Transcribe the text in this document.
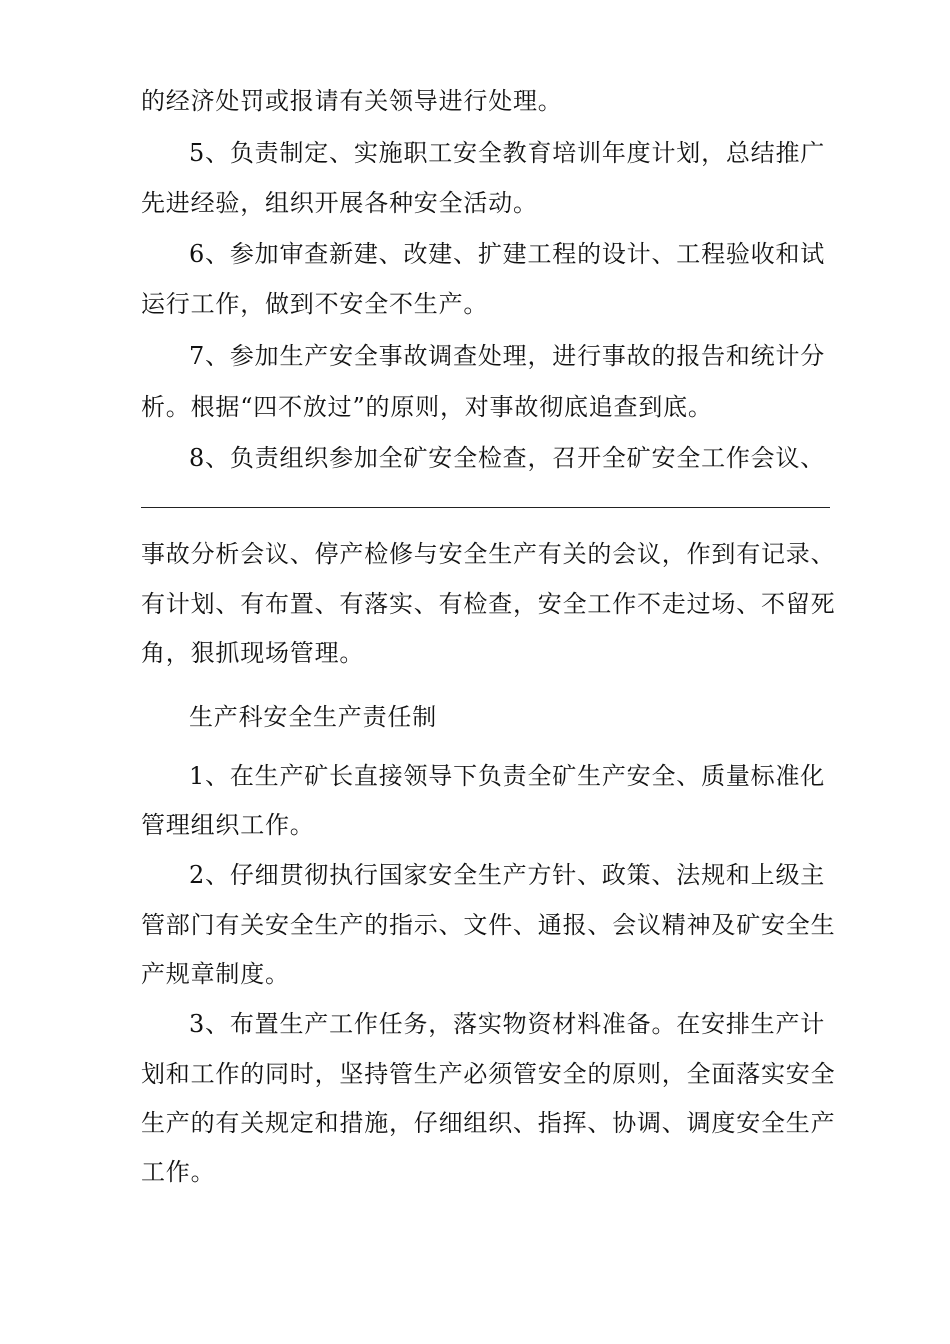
的经济处罚或报请有关领导进行处理。
5、负责制定、实施职工安全教育培训年度计划，总结推广
先进经验，组织开展各种安全活动。
6、参加审查新建、改建、扩建工程的设计、工程验收和试
运行工作，做到不安全不生产。
7、参加生产安全事故调查处理，进行事故的报告和统计分
析。根据“四不放过”的原则，对事故彻底追查到底。
8、负责组织参加全矿安全检查，召开全矿安全工作会议、
事故分析会议、停产检修与安全生产有关的会议，作到有记录、
有计划、有布置、有落实、有检查，安全工作不走过场、不留死
角，狠抓现场管理。
生产科安全生产责任制
1、在生产矿长直接领导下负责全矿生产安全、质量标准化
管理组织工作。
2、仔细贯彻执行国家安全生产方针、政策、法规和上级主
管部门有关安全生产的指示、文件、通报、会议精神及矿安全生
产规章制度。
3、布置生产工作任务，落实物资材料准备。在安排生产计
划和工作的同时，坚持管生产必须管安全的原则，全面落实安全
生产的有关规定和措施，仔细组织、指挥、协调、调度安全生产
工作。
